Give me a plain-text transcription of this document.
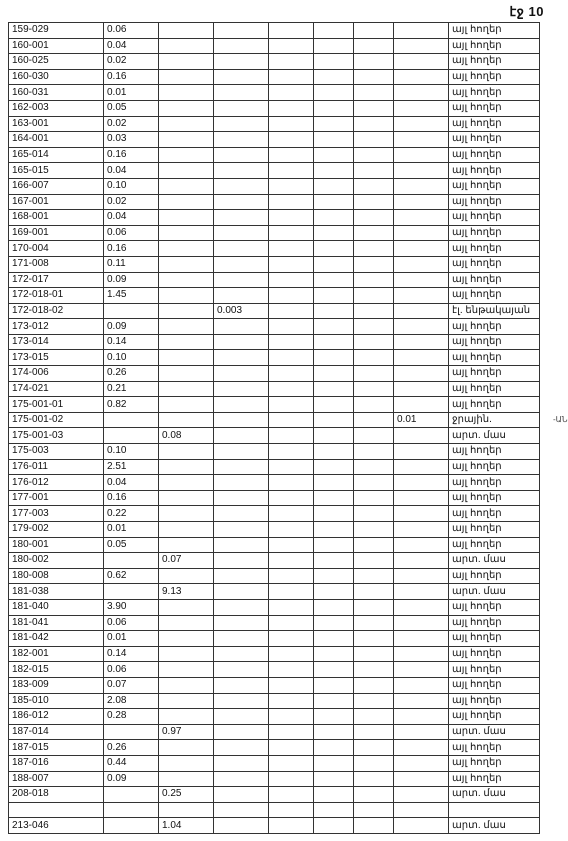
էջ 10
159-029	0.06							այլ հողեր
160-001	0.04							այլ հողեր
160-025	0.02							այլ հողեր
160-030	0.16							այլ հողեր
160-031	0.01							այլ հողեր
162-003	0.05							այլ հողեր
163-001	0.02							այլ հողեր
164-001	0.03							այլ հողեր
165-014	0.16							այլ հողեր
165-015	0.04							այլ հողեր
166-007	0.10							այլ հողեր
167-001	0.02							այլ հողեր
168-001	0.04							այլ հողեր
169-001	0.06							այլ հողեր
170-004	0.16							այլ հողեր
171-008	0.11							այլ հողեր
172-017	0.09							այլ հողեր
172-018-01	1.45							այլ հողեր
172-018-02			0.003					էլ. ենթակայան
173-012	0.09							այլ հողեր
173-014	0.14							այլ հողեր
173-015	0.10							այլ հողեր
174-006	0.26							այլ հողեր
174-021	0.21							այլ հողեր
175-001-01	0.82							այլ հողեր
175-001-02							0.01	ջրային.
175-001-03		0.08						արտ. մաս
175-003	0.10							այլ հողեր
176-011	2.51							այլ հողեր
176-012	0.04							այլ հողեր
177-001	0.16							այլ հողեր
177-003	0.22							այլ հողեր
179-002	0.01							այլ հողեր
180-001	0.05							այլ հողեր
180-002		0.07						արտ. մաս
180-008	0.62							այլ հողեր
181-038		9.13						արտ. մաս
181-040	3.90							այլ հողեր
181-041	0.06							այլ հողեր
181-042	0.01							այլ հողեր
182-001	0.14							այլ հողեր
182-015	0.06							այլ հողեր
183-009	0.07							այլ հողեր
185-010	2.08							այլ հողեր
186-012	0.28							այլ հողեր
187-014		0.97						արտ. մաս
187-015	0.26							այլ հողեր
187-016	0.44							այլ հողեր
188-007	0.09							այլ հողեր
208-018		0.25						արտ. մաս

213-046		1.04						արտ. մաս
-ԱՆ
